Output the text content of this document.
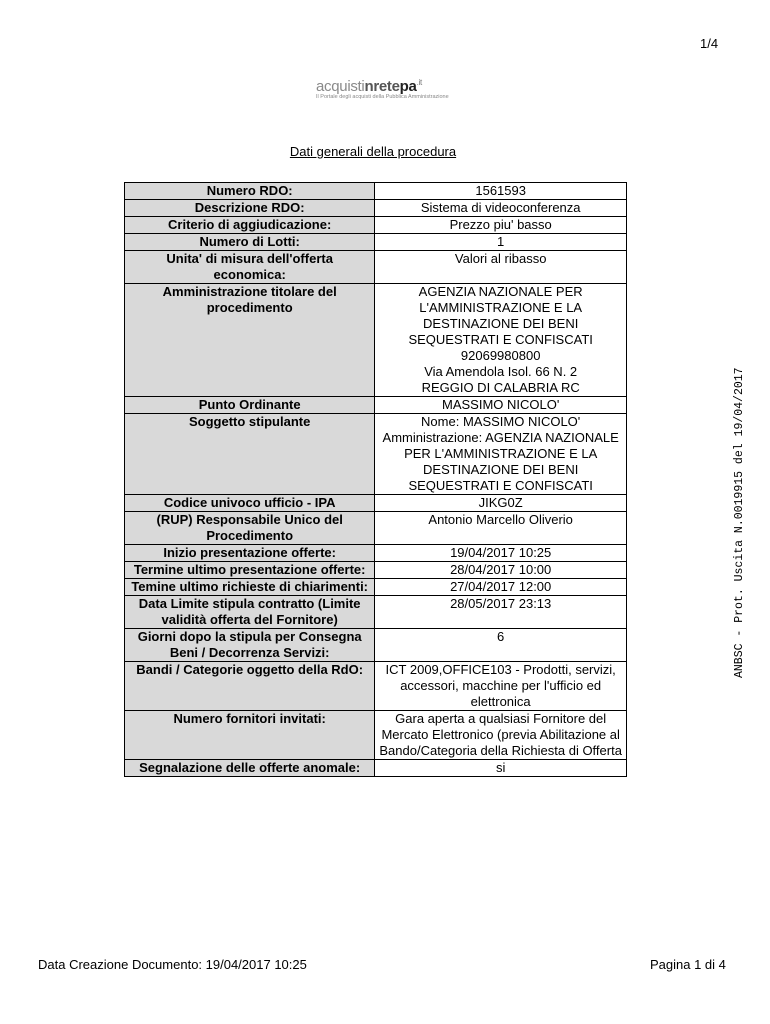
1/4
acquistinretepa$^{.it}$
Il Portale degli acquisti della Pubblica Amministrazione
Dati generali della procedura
ANBSC - Prot. Uscita N.0019915 del 19/04/2017
Numero RDO:	1561593

Descrizione RDO:	Sistema di videoconferenza

Criterio di aggiudicazione:	Prezzo piu' basso

Numero di Lotti:	1

Unita' di misura dell'offerta economica:	Valori al ribasso

Amministrazione titolare del procedimento	AGENZIA NAZIONALE PER L'AMMINISTRAZIONE E LA DESTINAZIONE DEI BENI SEQUESTRATI E CONFISCATI
92069980800
Via Amendola Isol. 66 N. 2
REGGIO DI CALABRIA RC

Punto Ordinante	MASSIMO NICOLO'

Soggetto stipulante	Nome: MASSIMO NICOLO'
Amministrazione: AGENZIA NAZIONALE PER L'AMMINISTRAZIONE E LA DESTINAZIONE DEI BENI SEQUESTRATI E CONFISCATI

Codice univoco ufficio - IPA	JIKG0Z

(RUP) Responsabile Unico del Procedimento	Antonio Marcello Oliverio

Inizio presentazione offerte:	19/04/2017 10:25

Termine ultimo presentazione offerte:	28/04/2017 10:00

Temine ultimo richieste di chiarimenti:	27/04/2017 12:00

Data Limite stipula contratto (Limite validità offerta del Fornitore)	28/05/2017 23:13

Giorni dopo la stipula per Consegna Beni / Decorrenza Servizi:	6

Bandi / Categorie oggetto della RdO:	ICT 2009,OFFICE103 - Prodotti, servizi, accessori, macchine per l'ufficio ed elettronica

Numero fornitori invitati:	Gara aperta a qualsiasi Fornitore del Mercato Elettronico (previa Abilitazione al Bando/Categoria della Richiesta di Offerta

Segnalazione delle offerte anomale:	si
Data Creazione Documento: 19/04/2017 10:25	Pagina 1 di 4
